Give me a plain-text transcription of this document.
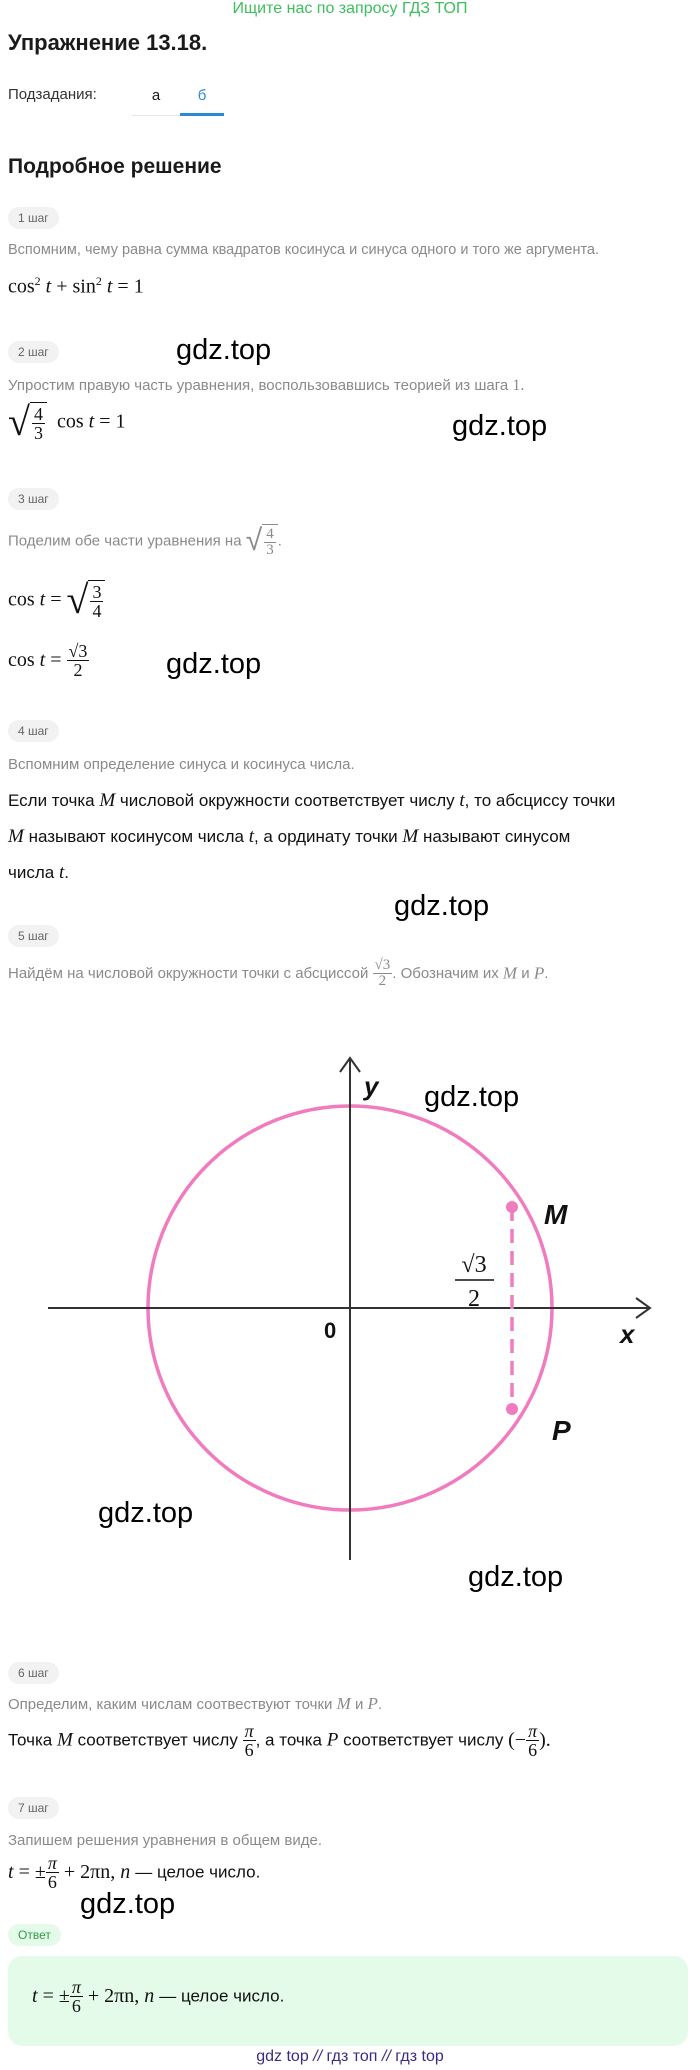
Ищите нас по запросу ГДЗ ТОП
Упражнение 13.18.
Подзадания:	а	б
Подробное решение
1 шаг
Вспомним, чему равна сумма квадратов косинуса и синуса одного и того же аргумента.
$\cos^2 t + \sin^2 t = 1$
2 шаг	gdz.top
Упростим правую часть уравнения, воспользовавшись теорией из шага 1.
√ $\frac{4}{3}$ cos t = 1	gdz.top
3 шаг
Поделим обе части уравнения на √ $\frac{4}{3}$ .
cos t = √ $\frac{3}{4}$
$\cos t = \frac{√3}{2}$	gdz.top
4 шаг
Вспомним определение синуса и косинуса числа.
Если точка M числовой окружности соответствует числу t, то абсциссу точки
M называют косинусом числа t, а ординату точки M называют синусом
числа t.
gdz.top
5 шаг
Найдём на числовой окружности точки с абсциссой $\frac{√3}{2}$ . Обозначим их M и P.
y
x
0
M
P
√3
2
gdz.top
gdz.top
gdz.top
6 шаг
Определим, каким числам соотвествуют точки M и P.
Точка M соответствует числу $\frac{\pi}{6}$ , а точка P соответствует числу (− $\frac{\pi}{6}$ ).
7 шаг
Запишем решения уравнения в общем виде.
t = ± $\frac{\pi}{6} + 2\pi n$, n — целое число.
gdz.top
Ответ
t = ± $\frac{\pi}{6} + 2\pi n$, n — целое число.
gdz top // гдз топ // гдз top
